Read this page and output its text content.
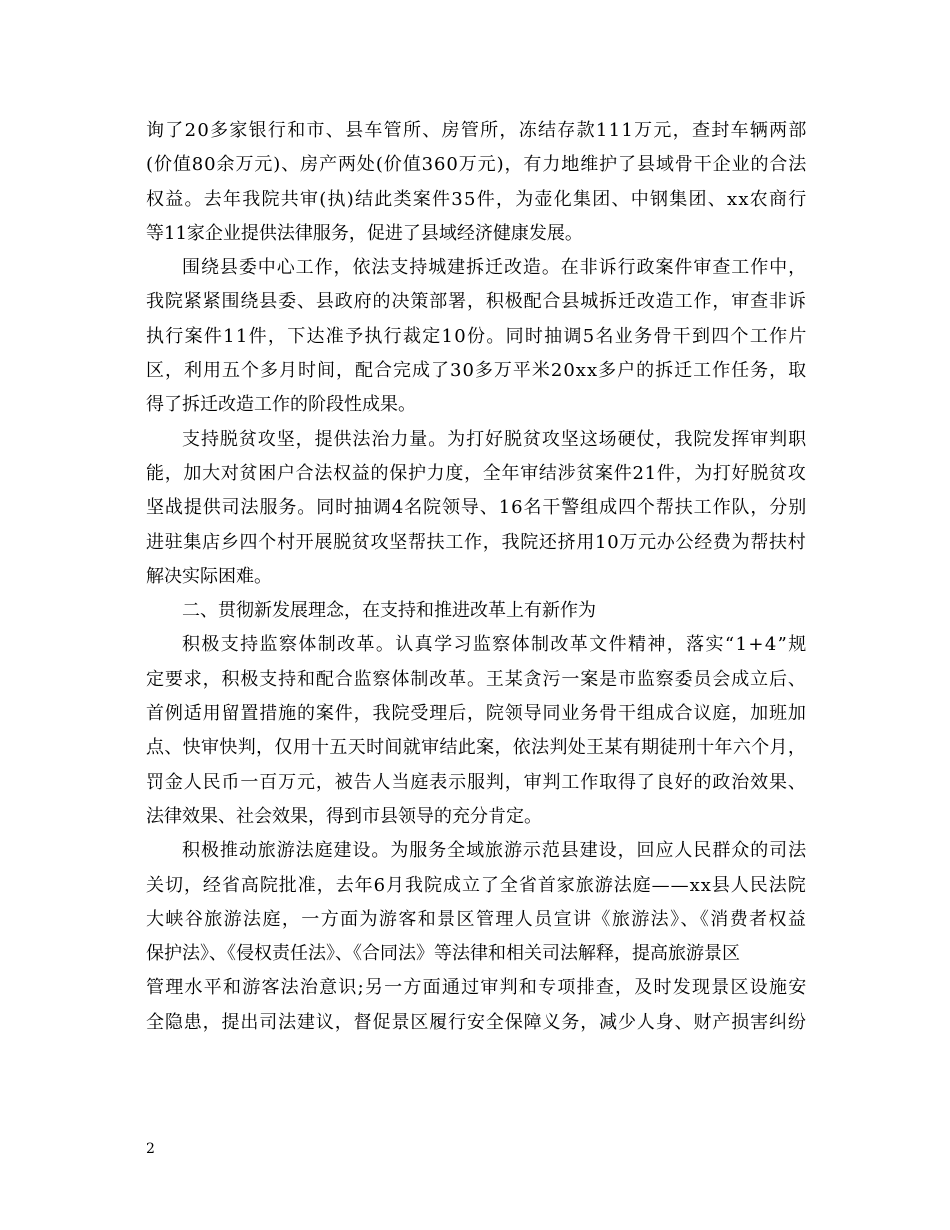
询了20多家银行和市、县车管所、房管所，冻结存款111万元，查封车辆两部
(价值80余万元)、房产两处(价值360万元)，有力地维护了县域骨干企业的合法
权益。去年我院共审(执)结此类案件35件，为壶化集团、中钢集团、xx农商行
等11家企业提供法律服务，促进了县域经济健康发展。
围绕县委中心工作，依法支持城建拆迁改造。在非诉行政案件审查工作中，
我院紧紧围绕县委、县政府的决策部署，积极配合县城拆迁改造工作，审查非诉
执行案件11件，下达准予执行裁定10份。同时抽调5名业务骨干到四个工作片
区，利用五个多月时间，配合完成了30多万平米20xx多户的拆迁工作任务，取
得了拆迁改造工作的阶段性成果。
支持脱贫攻坚，提供法治力量。为打好脱贫攻坚这场硬仗，我院发挥审判职
能，加大对贫困户合法权益的保护力度，全年审结涉贫案件21件，为打好脱贫攻
坚战提供司法服务。同时抽调4名院领导、16名干警组成四个帮扶工作队，分别
进驻集店乡四个村开展脱贫攻坚帮扶工作，我院还挤用10万元办公经费为帮扶村
解决实际困难。
二、贯彻新发展理念，在支持和推进改革上有新作为
积极支持监察体制改革。认真学习监察体制改革文件精神，落实“1+4”规
定要求，积极支持和配合监察体制改革。王某贪污一案是市监察委员会成立后、
首例适用留置措施的案件，我院受理后，院领导同业务骨干组成合议庭，加班加
点、快审快判，仅用十五天时间就审结此案，依法判处王某有期徒刑十年六个月，
罚金人民币一百万元，被告人当庭表示服判，审判工作取得了良好的政治效果、
法律效果、社会效果，得到市县领导的充分肯定。
积极推动旅游法庭建设。为服务全域旅游示范县建设，回应人民群众的司法
关切，经省高院批准，去年6月我院成立了全省首家旅游法庭——xx县人民法院
大峡谷旅游法庭，一方面为游客和景区管理人员宣讲《旅游法》、《消费者权益
保护法》、《侵权责任法》、《合同法》等法律和相关司法解释，提高旅游景区
管理水平和游客法治意识;另一方面通过审判和专项排查，及时发现景区设施安
全隐患，提出司法建议，督促景区履行安全保障义务，减少人身、财产损害纠纷
2
